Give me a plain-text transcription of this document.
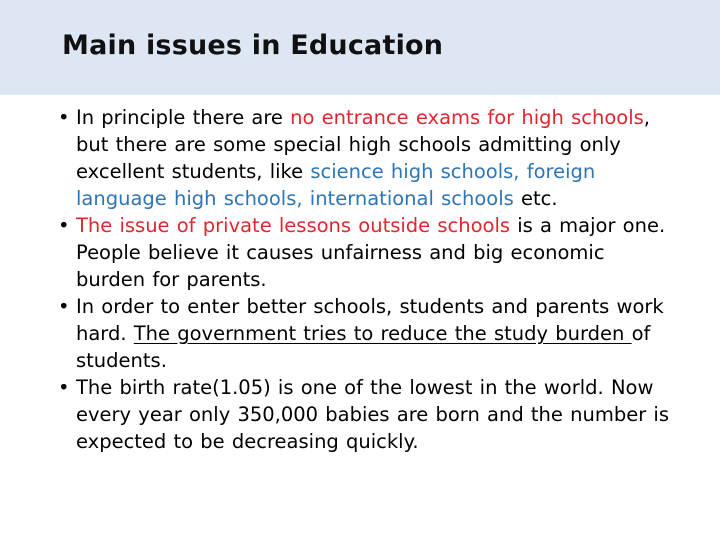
Main issues in Education

• In principle there are no entrance exams for high schools, but there are some special high schools admitting only excellent students, like science high schools, foreign language high schools, international schools etc.

• The issue of private lessons outside schools is a major one. People believe it causes unfairness and big economic burden for parents.

• In order to enter better schools, students and parents work hard. The government tries to reduce the study burden of students.

• The birth rate(1.05) is one of the lowest in the world. Now every year only 350,000 babies are born and the number is expected to be decreasing quickly.
